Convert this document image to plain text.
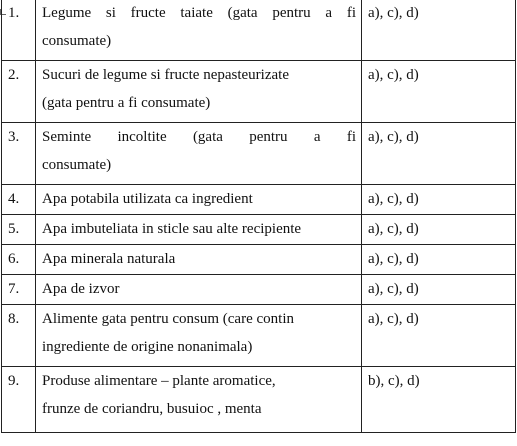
1.	Legume si fructe taiate (gata pentru a fi
consumate)	a), c), d)
2.	Sucuri de legume si fructe nepasteurizate
(gata pentru a fi consumate)	a), c), d)
3.	Seminte incoltite (gata pentru a fi
consumate)	a), c), d)
4.	Apa potabila utilizata ca ingredient	a), c), d)
5.	Apa imbuteliata in sticle sau alte recipiente	a), c), d)
6.	Apa minerala naturala	a), c), d)
7.	Apa de izvor	a), c), d)
8.	Alimente gata pentru consum (care contin
ingrediente de origine nonanimala)	a), c), d)
9.	Produse alimentare – plante aromatice,
frunze de coriandru, busuioc , menta	b), c), d)
